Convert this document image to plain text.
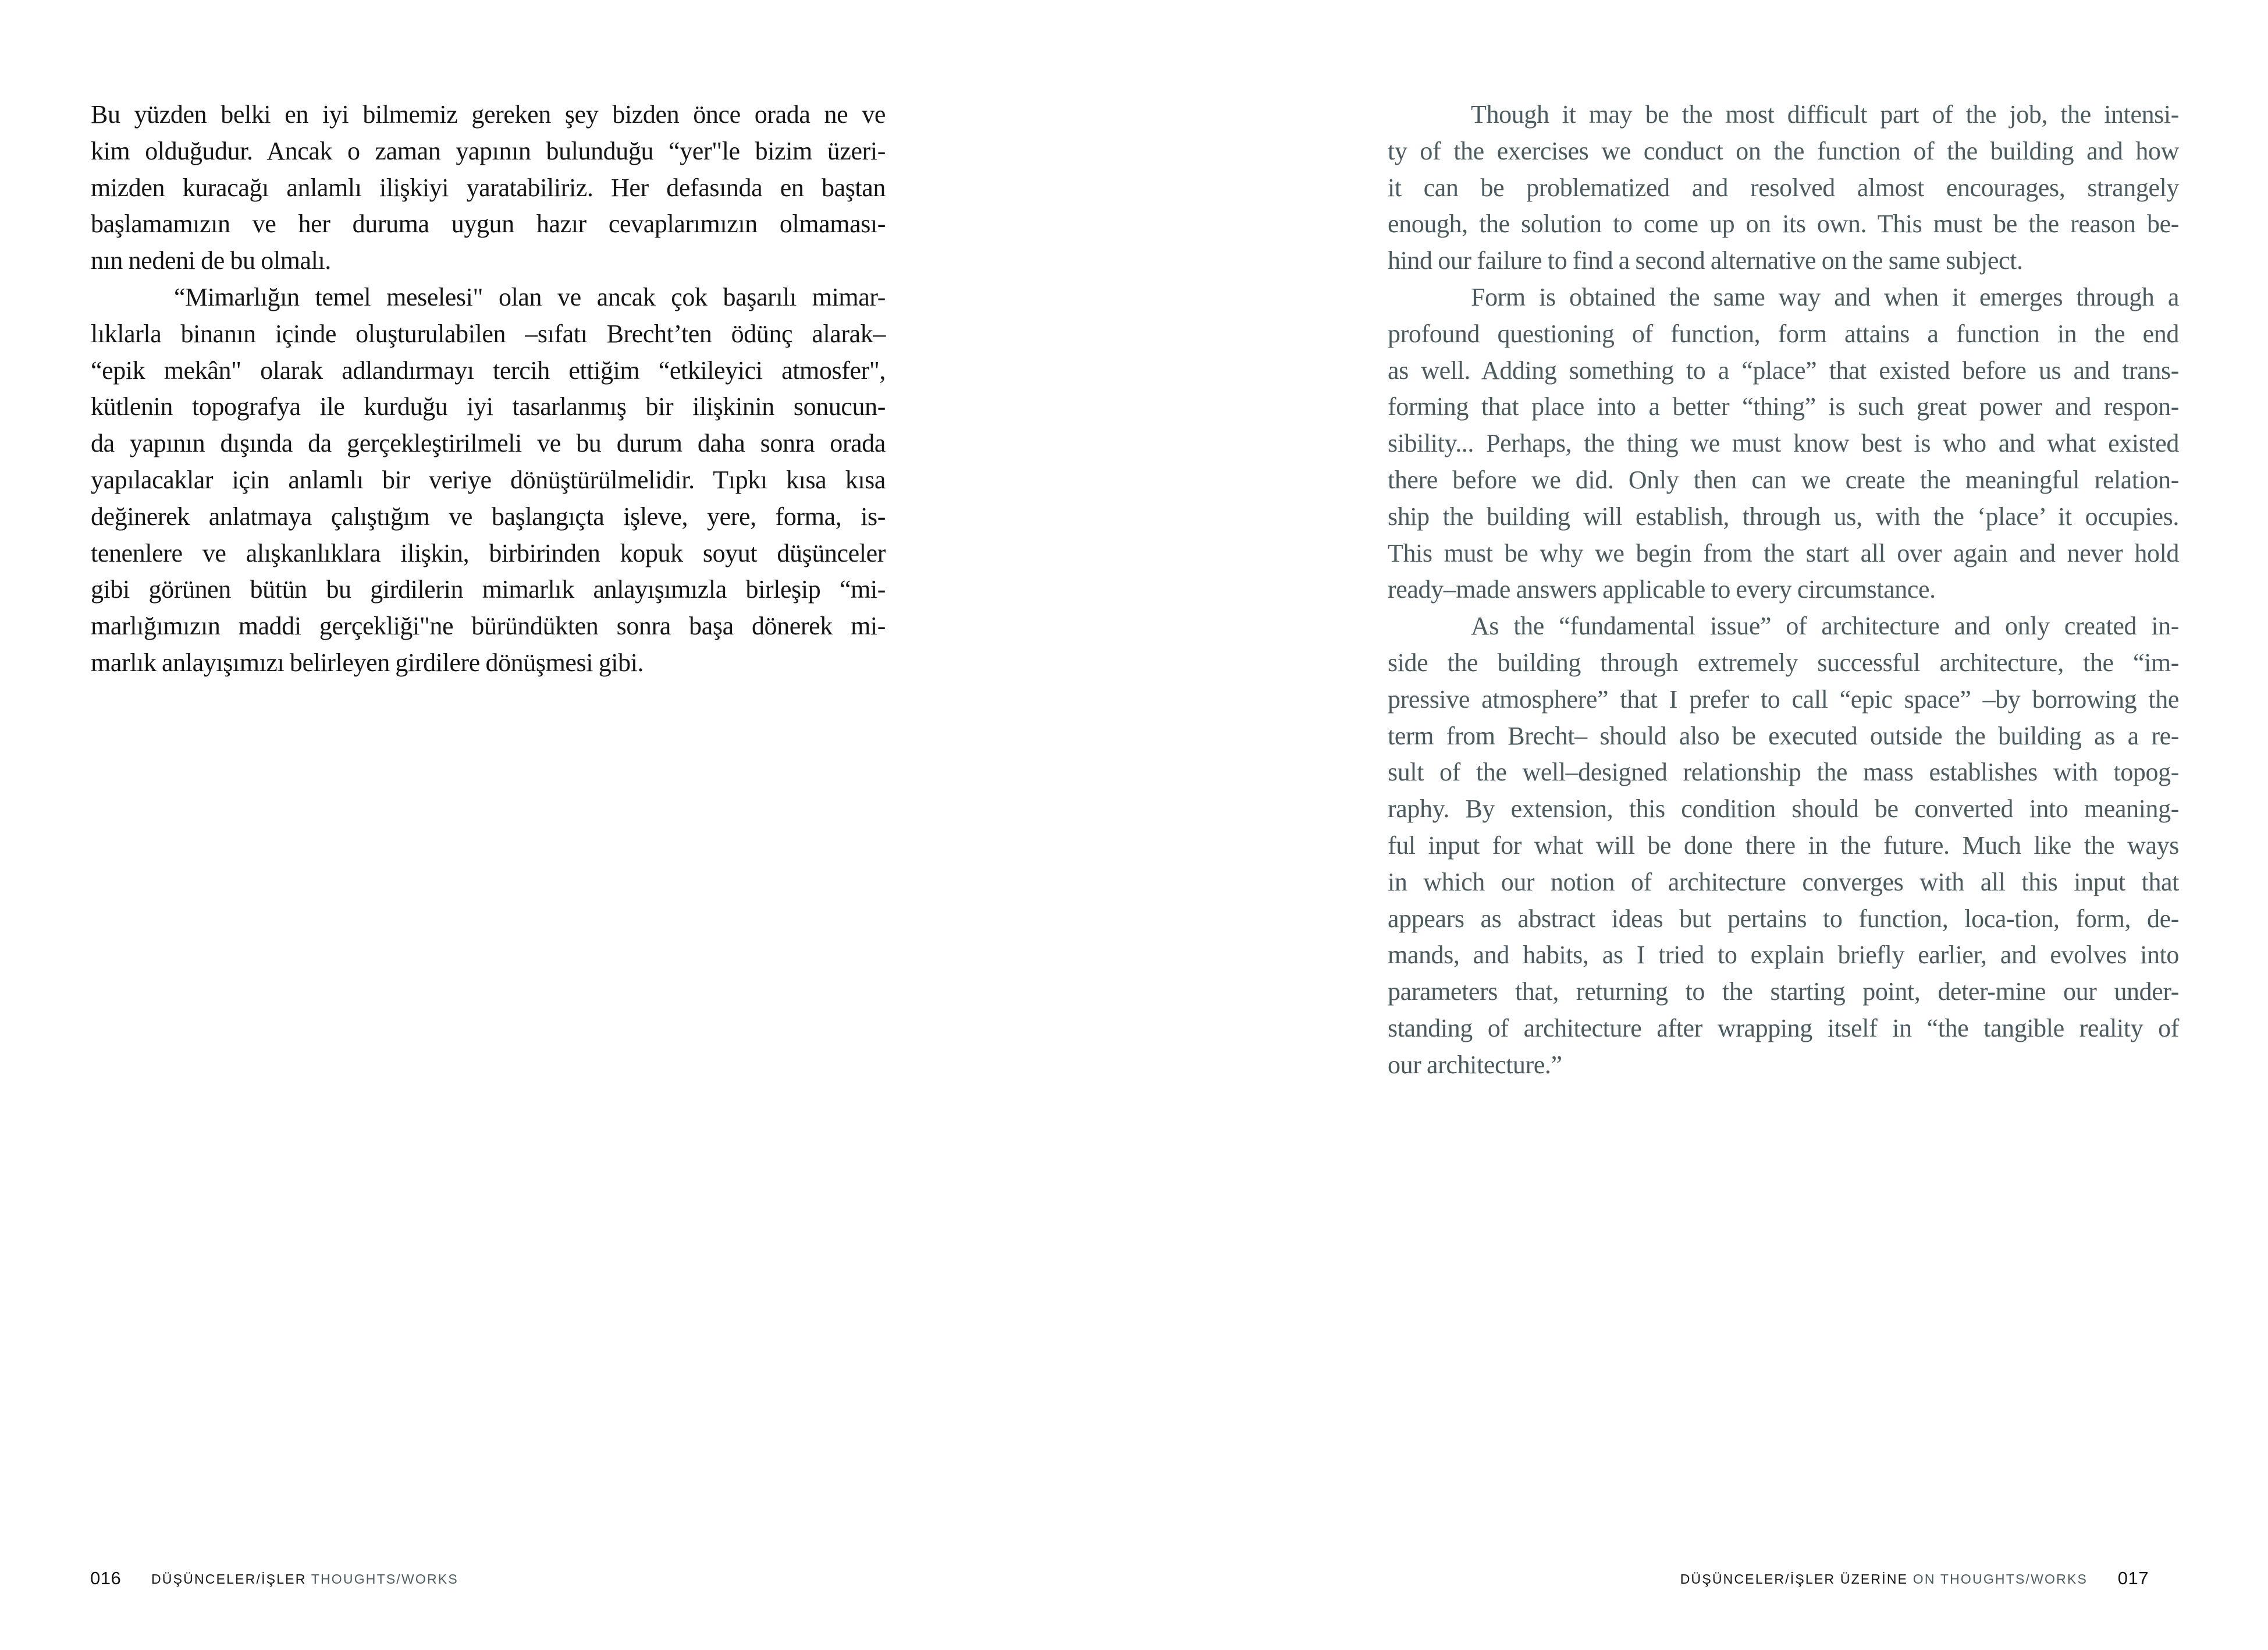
Bu yüzden belki en iyi bilmemiz gereken şey bizden önce orada ne ve
kim olduğudur. Ancak o zaman yapının bulunduğu “yer"le bizim üzeri-
mizden kuracağı anlamlı ilişkiyi yaratabiliriz. Her defasında en baştan
başlamamızın ve her duruma uygun hazır cevaplarımızın olmaması-
nın nedeni de bu olmalı.
“Mimarlığın temel meselesi" olan ve ancak çok başarılı mimar-
lıklarla binanın içinde oluşturulabilen –sıfatı Brecht’ten ödünç alarak–
“epik mekân" olarak adlandırmayı tercih ettiğim “etkileyici atmosfer",
kütlenin topografya ile kurduğu iyi tasarlanmış bir ilişkinin sonucun-
da yapının dışında da gerçekleştirilmeli ve bu durum daha sonra orada
yapılacaklar için anlamlı bir veriye dönüştürülmelidir. Tıpkı kısa kısa
değinerek anlatmaya çalıştığım ve başlangıçta işleve, yere, forma, is-
tenenlere ve alışkanlıklara ilişkin, birbirinden kopuk soyut düşünceler
gibi görünen bütün bu girdilerin mimarlık anlayışımızla birleşip “mi-
marlığımızın maddi gerçekliği"ne büründükten sonra başa dönerek mi-
marlık anlayışımızı belirleyen girdilere dönüşmesi gibi.
016 DÜŞÜNCELER/İŞLER THOUGHTS/WORKS
Though it may be the most difficult part of the job, the intensi-
ty of the exercises we conduct on the function of the building and how
it can be problematized and resolved almost encourages, strangely
enough, the solution to come up on its own. This must be the reason be-
hind our failure to find a second alternative on the same subject.
Form is obtained the same way and when it emerges through a
profound questioning of function, form attains a function in the end
as well. Adding something to a “place” that existed before us and trans-
forming that place into a better “thing” is such great power and respon-
sibility... Perhaps, the thing we must know best is who and what existed
there before we did. Only then can we create the meaningful relation-
ship the building will establish, through us, with the ‘place’ it occupies.
This must be why we begin from the start all over again and never hold
ready–made answers applicable to every circumstance.
As the “fundamental issue” of architecture and only created in-
side the building through extremely successful architecture, the “im-
pressive atmosphere” that I prefer to call “epic space” –by borrowing the
term from Brecht– should also be executed outside the building as a re-
sult of the well–designed relationship the mass establishes with topog-
raphy. By extension, this condition should be converted into meaning-
ful input for what will be done there in the future. Much like the ways
in which our notion of architecture converges with all this input that
appears as abstract ideas but pertains to function, loca-tion, form, de-
mands, and habits, as I tried to explain briefly earlier, and evolves into
parameters that, returning to the starting point, deter-mine our under-
standing of architecture after wrapping itself in “the tangible reality of
our architecture.”
DÜŞÜNCELER/İŞLER ÜZERİNE ON THOUGHTS/WORKS 017
